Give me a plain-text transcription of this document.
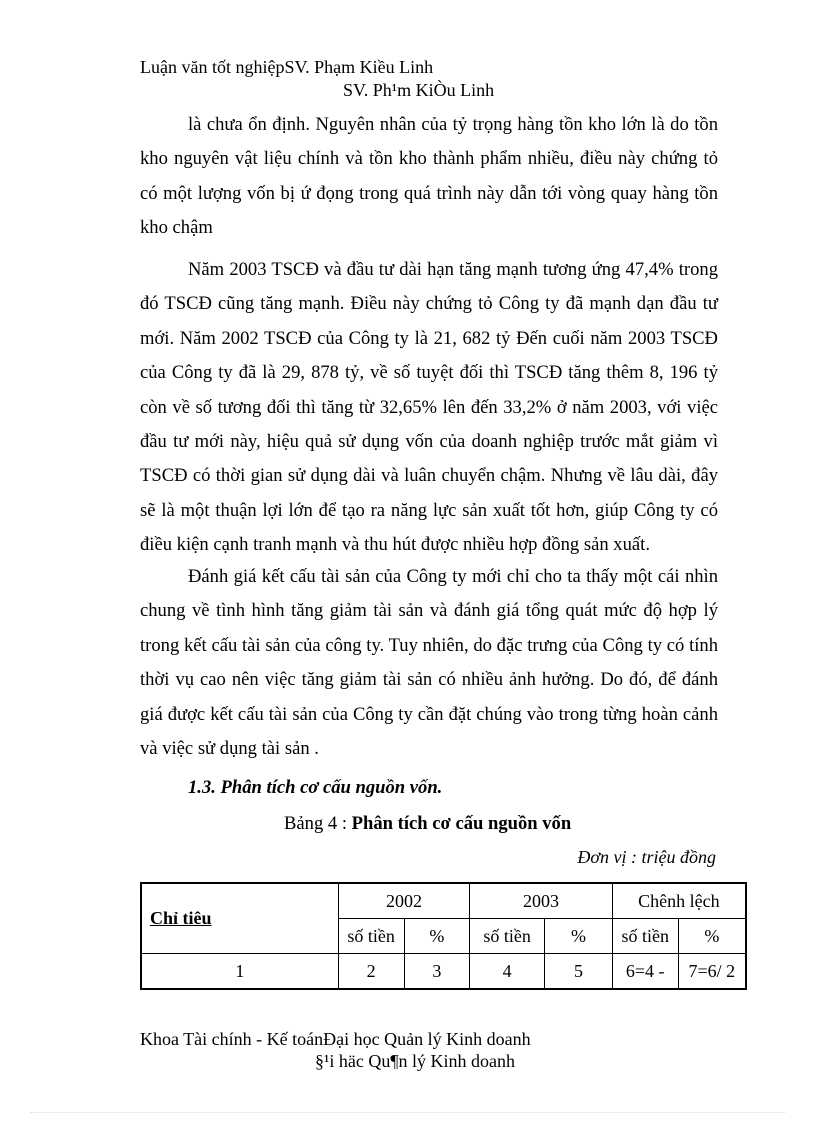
Luận văn tốt nghiệpSV. Phạm Kiều Linh
SV. Ph¹m KiÒu Linh

là chưa ổn định. Nguyên nhân của tỷ trọng hàng tồn kho lớn là do tồn kho nguyên vật liệu chính và tồn kho thành phẩm nhiều, điều này chứng tỏ có một lượng vốn bị ứ đọng trong quá trình này dẫn tới vòng quay hàng tồn kho chậm

Năm 2003 TSCĐ và đầu tư dài hạn tăng mạnh tương ứng 47,4% trong đó TSCĐ cũng tăng mạnh. Điều này chứng tỏ Công ty đã mạnh dạn đầu tư mới. Năm 2002 TSCĐ của Công ty là 21, 682 tỷ Đến cuối năm 2003 TSCĐ của Công ty đã là 29, 878 tỷ, về số tuyệt đối thì TSCĐ tăng thêm 8, 196 tỷ còn về số tương đối thì tăng từ 32,65% lên đến 33,2% ở năm 2003, với việc đầu tư mới này, hiệu quả sử dụng vốn của doanh nghiệp trước mắt giảm vì TSCĐ có thời gian sử dụng dài và luân chuyển chậm. Nhưng về lâu dài, đây sẽ là một thuận lợi lớn để tạo ra năng lực sản xuất tốt hơn, giúp Công ty có điều kiện cạnh tranh mạnh và thu hút được nhiều hợp đồng sản xuất.

Đánh giá kết cấu tài sản của Công ty mới chỉ cho ta thấy một cái nhìn chung về tình hình tăng giảm tài sản và đánh giá tổng quát mức độ hợp lý trong kết cấu tài sản của công ty. Tuy nhiên, do đặc trưng của Công ty có tính thời vụ cao nên việc tăng giảm tài sản có nhiều ảnh hưởng. Do đó, để đánh giá được kết cấu tài sản của Công ty cần đặt chúng vào trong từng hoàn cảnh và việc sử dụng tài sản .

1.3. Phân tích cơ cấu nguồn vốn.
Bảng 4 : Phân tích cơ cấu nguồn vốn
Đơn vị : triệu đồng
Chỉ tiêu	2002		2003		Chênh lệch	
	số tiền	%	số tiền	%	số tiền	%
1	2	3	4	5	6=4 -	7=6/ 2
Khoa Tài chính - Kế toánĐại học Quản lý Kinh doanh
§¹i häc Qu¶n lý Kinh doanh
